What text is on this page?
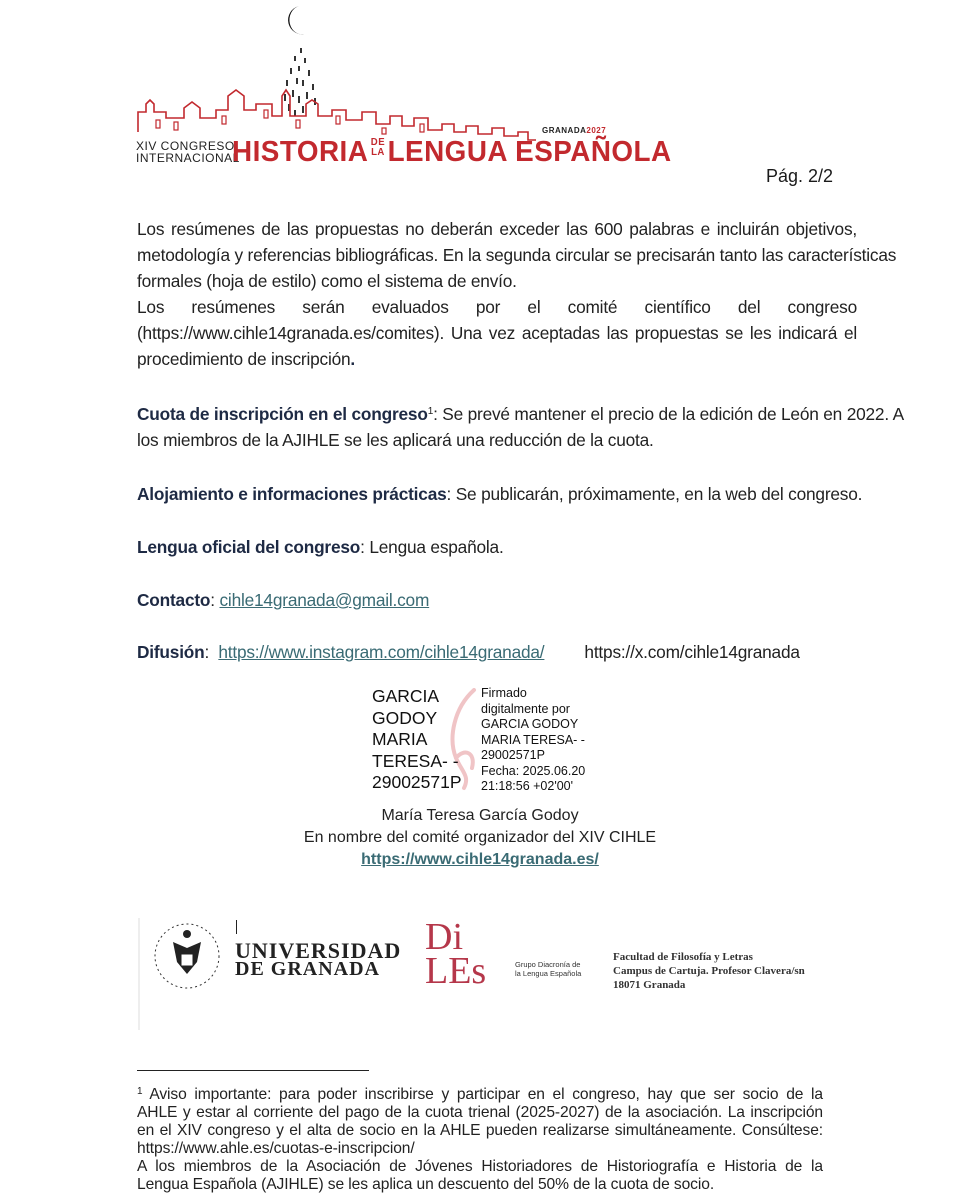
GRANADA2027
XIV CONGRESO
INTERNACIONAL
HISTORIA DE
LALENGUA ESPAÑOLA
Pág. 2/2
Los resúmenes de las propuestas no deberán exceder las 600 palabras e incluirán objetivos,
metodología y referencias bibliográficas. En la segunda circular se precisarán tanto las características
formales (hoja de estilo) como el sistema de envío.
Los resúmenes serán evaluados por el comité científico del congreso
(https://www.cihle14granada.es/comites). Una vez aceptadas las propuestas se les indicará el
procedimiento de inscripción.
Cuota de inscripción en el congreso$^1$: Se prevé mantener el precio de la edición de León en 2022. A
los miembros de la AJIHLE se les aplicará una reducción de la cuota.
Alojamiento e informaciones prácticas: Se publicarán, próximamente, en la web del congreso.
Lengua oficial del congreso: Lengua española.
Contacto: cihle14granada@gmail.com
Difusión: https://www.instagram.com/cihle14granada/ https://x.com/cihle14granada
GARCIA
GODOY
MARIA
TERESA- -
29002571P
Firmado
digitalmente por
GARCIA GODOY
MARIA TERESA- -
29002571P
Fecha: 2025.06.20
21:18:56 +02'00'
María Teresa García Godoy
En nombre del comité organizador del XIV CIHLE
https://www.cihle14granada.es/
UNIVERSIDAD
DE GRANADA
Di
LEs	Grupo Diacronía de
la Lengua Española
Facultad de Filosofía y Letras
Campus de Cartuja. Profesor Clavera/sn
18071 Granada
$^1$ Aviso importante: para poder inscribirse y participar en el congreso, hay que ser socio de la
AHLE y estar al corriente del pago de la cuota trienal (2025-2027) de la asociación. La inscripción
en el XIV congreso y el alta de socio en la AHLE pueden realizarse simultáneamente. Consúltese:
https://www.ahle.es/cuotas-e-inscripcion/
A los miembros de la Asociación de Jóvenes Historiadores de Historiografía e Historia de la
Lengua Española (AJIHLE) se les aplica un descuento del 50% de la cuota de socio.
